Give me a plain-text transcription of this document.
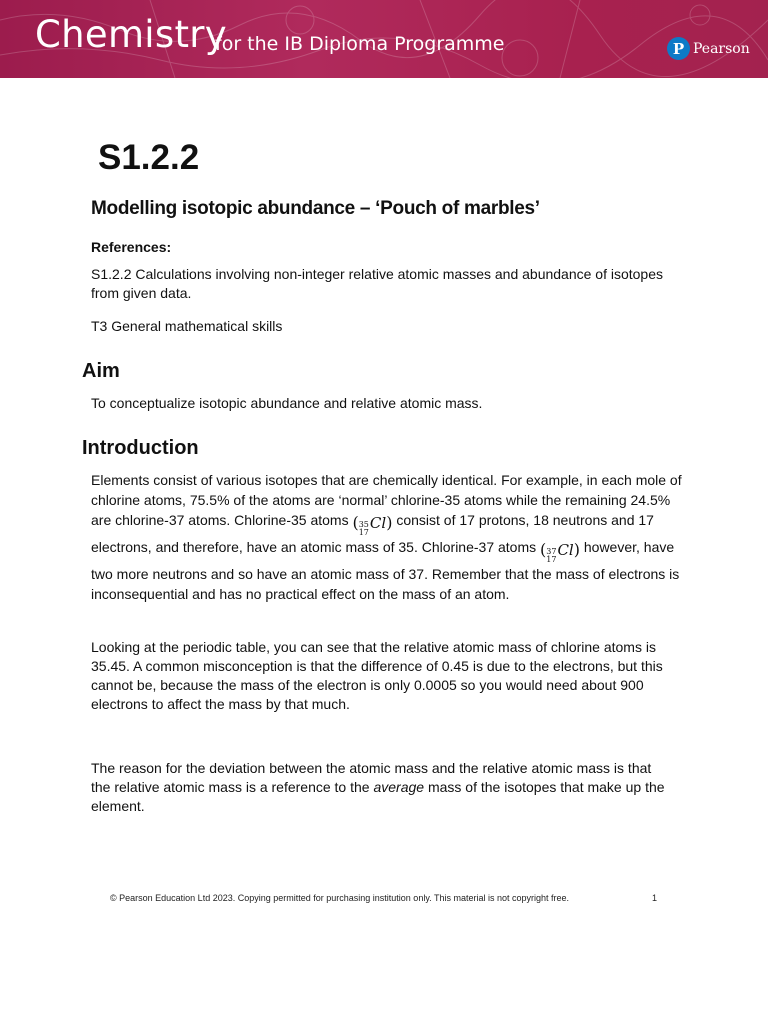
Chemistry
for the IB Diploma Programme	P Pearson
S1.2.2
Modelling isotopic abundance – ‘Pouch of marbles’
References:
S1.2.2 Calculations involving non-integer relative atomic masses and abundance of isotopes from given data.
T3 General mathematical skills
Aim
To conceptualize isotopic abundance and relative atomic mass.
Introduction
Elements consist of various isotopes that are chemically identical. For example, in each mole of chlorine atoms, 75.5% of the atoms are ‘normal’ chlorine-35 atoms while the remaining 24.5% are chlorine-37 atoms. Chlorine-35 atoms ( 35
17
Cl) consist of 17 protons, 18 neutrons and 17 electrons, and therefore, have an atomic mass of 35. Chlorine-37 atoms ( 37
17
Cl) however, have two more neutrons and so have an atomic mass of 37. Remember that the mass of electrons is inconsequential and has no practical effect on the mass of an atom.
Looking at the periodic table, you can see that the relative atomic mass of chlorine atoms is 35.45. A common misconception is that the difference of 0.45 is due to the electrons, but this cannot be, because the mass of the electron is only 0.0005 so you would need about 900 electrons to affect the mass by that much.
The reason for the deviation between the atomic mass and the relative atomic mass is that the relative atomic mass is a reference to the average mass of the isotopes that make up the element.
© Pearson Education Ltd 2023. Copying permitted for purchasing institution only. This material is not copyright free.	1
